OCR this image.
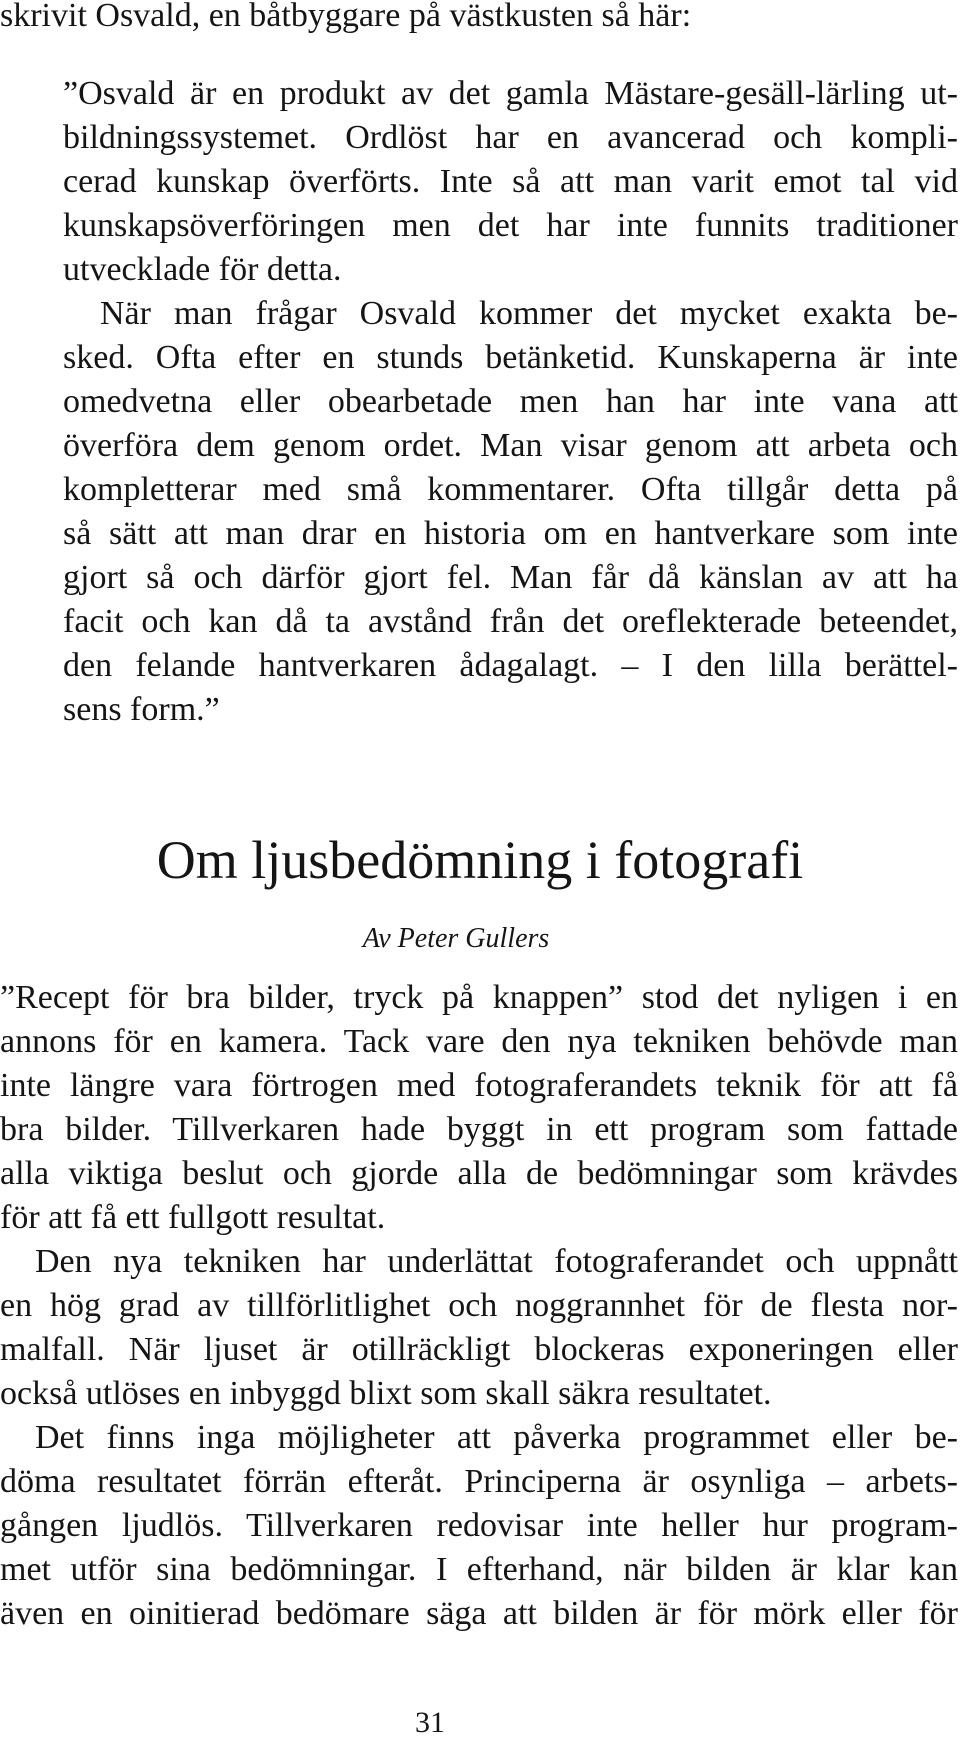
skrivit Osvald, en båtbyggare på västkusten så här:
”Osvald är en produkt av det gamla Mästare-gesäll-lärling ut-
bildningssystemet. Ordlöst har en avancerad och kompli-
cerad kunskap överförts. Inte så att man varit emot tal vid
kunskapsöverföringen men det har inte funnits traditioner
utvecklade för detta.
När man frågar Osvald kommer det mycket exakta be-
sked. Ofta efter en stunds betänketid. Kunskaperna är inte
omedvetna eller obearbetade men han har inte vana att
överföra dem genom ordet. Man visar genom att arbeta och
kompletterar med små kommentarer. Ofta tillgår detta på
så sätt att man drar en historia om en hantverkare som inte
gjort så och därför gjort fel. Man får då känslan av att ha
facit och kan då ta avstånd från det oreflekterade beteendet,
den felande hantverkaren ådagalagt. – I den lilla berättel-
sens form.”
Om ljusbedömning i fotografi
Av Peter Gullers
”Recept för bra bilder, tryck på knappen” stod det nyligen i en
annons för en kamera. Tack vare den nya tekniken behövde man
inte längre vara förtrogen med fotograferandets teknik för att få
bra bilder. Tillverkaren hade byggt in ett program som fattade
alla viktiga beslut och gjorde alla de bedömningar som krävdes
för att få ett fullgott resultat.
Den nya tekniken har underlättat fotograferandet och uppnått
en hög grad av tillförlitlighet och noggrannhet för de flesta nor-
malfall. När ljuset är otillräckligt blockeras exponeringen eller
också utlöses en inbyggd blixt som skall säkra resultatet.
Det finns inga möjligheter att påverka programmet eller be-
döma resultatet förrän efteråt. Principerna är osynliga – arbets-
gången ljudlös. Tillverkaren redovisar inte heller hur program-
met utför sina bedömningar. I efterhand, när bilden är klar kan
även en oinitierad bedömare säga att bilden är för mörk eller för
31
